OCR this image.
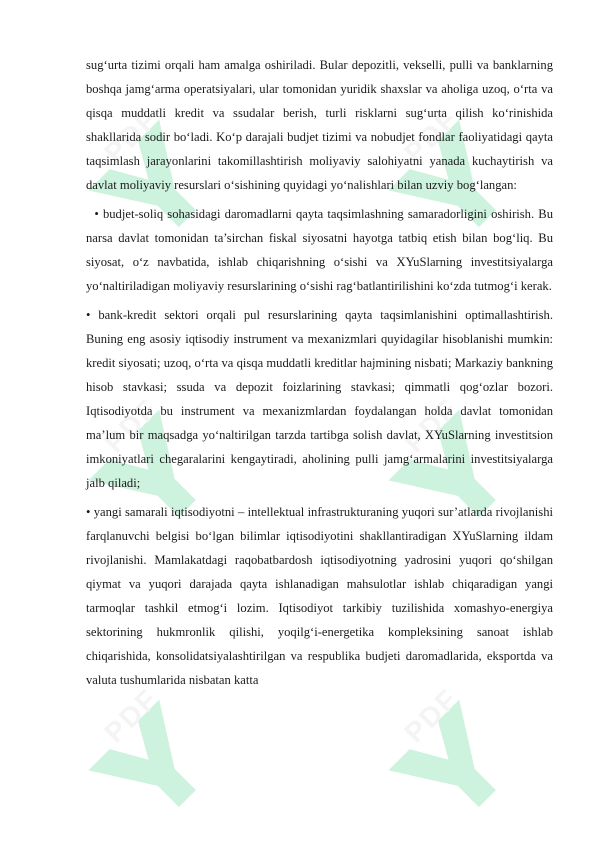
PDF	PDF
PDF	PDF
PDF	PDF

sug‘urta tizimi orqali ham amalga oshiriladi. Bular depozitli, vekselli, pulli va banklarning boshqa jamg‘arma operatsiyalari, ular tomonidan yuridik shaxslar va aholiga uzoq, o‘rta va qisqa muddatli kredit va ssudalar berish, turli risklarni sug‘urta qilish ko‘rinishida shakllarida sodir bo‘ladi. Ko‘p darajali budjet tizimi va nobudjet fondlar faoliyatidagi qayta taqsimlash jarayonlarini takomillashtirish moliyaviy salohiyatni yanada kuchaytirish va davlat moliyaviy resurslari o‘sishining quyidagi yo‘nalishlari bilan uzviy bog‘langan:

• budjet-soliq sohasidagi daromadlarni qayta taqsimlashning samaradorligini oshirish. Bu narsa davlat tomonidan ta’sirchan fiskal siyosatni hayotga tatbiq etish bilan bog‘liq. Bu siyosat, o‘z navbatida, ishlab chiqarishning o‘sishi va XYuSlarning investitsiyalarga yo‘naltiriladigan moliyaviy resurslarining o‘sishi rag‘batlantirilishini ko‘zda tutmog‘i kerak.

• bank-kredit sektori orqali pul resurslarining qayta taqsimlanishini optimallashtirish. Buning eng asosiy iqtisodiy instrument va mexanizmlari quyidagilar hisoblanishi mumkin: kredit siyosati; uzoq, o‘rta va qisqa muddatli kreditlar hajmining nisbati; Markaziy bankning hisob stavkasi; ssuda va depozit foizlarining stavkasi; qimmatli qog‘ozlar bozori. Iqtisodiyotda bu instrument va mexanizmlardan foydalangan holda davlat tomonidan ma’lum bir maqsadga yo‘naltirilgan tarzda tartibga solish davlat, XYuSlarning investitsion imkoniyatlari chegaralarini kengaytiradi, aholining pulli jamg‘armalarini investitsiyalarga jalb qiladi;

• yangi samarali iqtisodiyotni – intellektual infrastrukturaning yuqori sur’atlarda rivojlanishi farqlanuvchi belgisi bo‘lgan bilimlar iqtisodiyotini shakllantiradigan XYuSlarning ildam rivojlanishi. Mamlakatdagi raqobatbardosh iqtisodiyotning yadrosini yuqori qo‘shilgan qiymat va yuqori darajada qayta ishlanadigan mahsulotlar ishlab chiqaradigan yangi tarmoqlar tashkil etmog‘i lozim. Iqtisodiyot tarkibiy tuzilishida xomashyo-energiya sektorining hukmronlik qilishi, yoqilg‘i-energetika kompleksining sanoat ishlab chiqarishida, konsolidatsiyalashtirilgan va respublika budjeti daromadlarida, eksportda va valuta tushumlarida nisbatan katta
